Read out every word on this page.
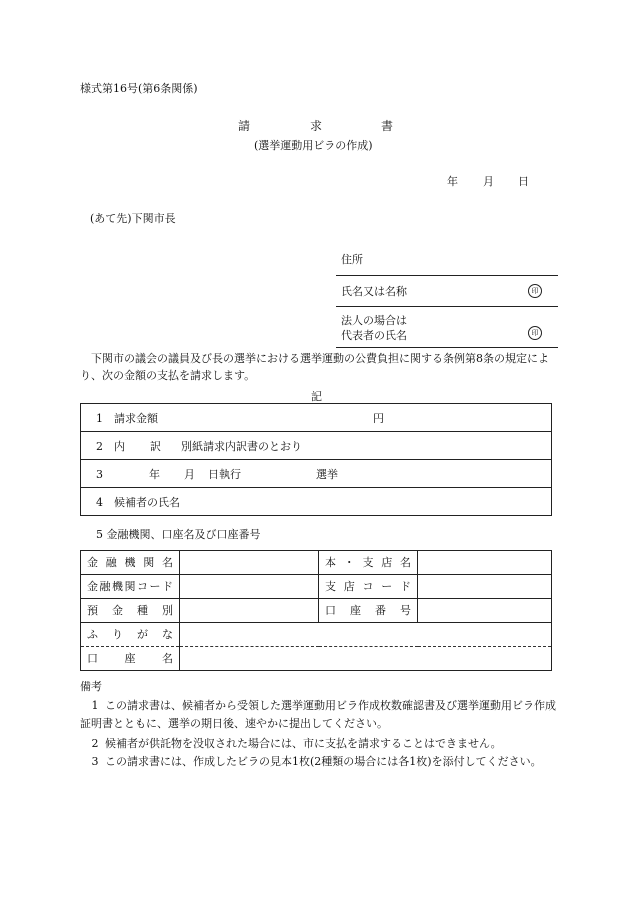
様式第16号(第6条関係)
請	求	書
(選挙運動用ビラの作成)
年 月 日
(あて先)下関市長
住所
氏名又は名称	印
法人の場合は
代表者の氏名	印
下関市の議会の議員及び長の選挙における選挙運動の公費負担に関する条例第8条の規定により、次の金額の支払を請求します。
記
1 請求金額	円

2 内 訳 別紙請求内訳書のとおり

3	年 月 日執行	選挙

4 候補者の氏名
5 金融機関、口座名及び口座番号
金融機関名		本・支店名	
金融機関コード		支店コード	
預金種別		口座番号	
ふりがな			
口座名			
備考
1 この請求書は、候補者から受領した選挙運動用ビラ作成枚数確認書及び選挙運動用ビラ作成証明書とともに、選挙の期日後、速やかに提出してください。
2 候補者が供託物を没収された場合には、市に支払を請求することはできません。
3 この請求書には、作成したビラの見本1枚(2種類の場合には各1枚)を添付してください。
